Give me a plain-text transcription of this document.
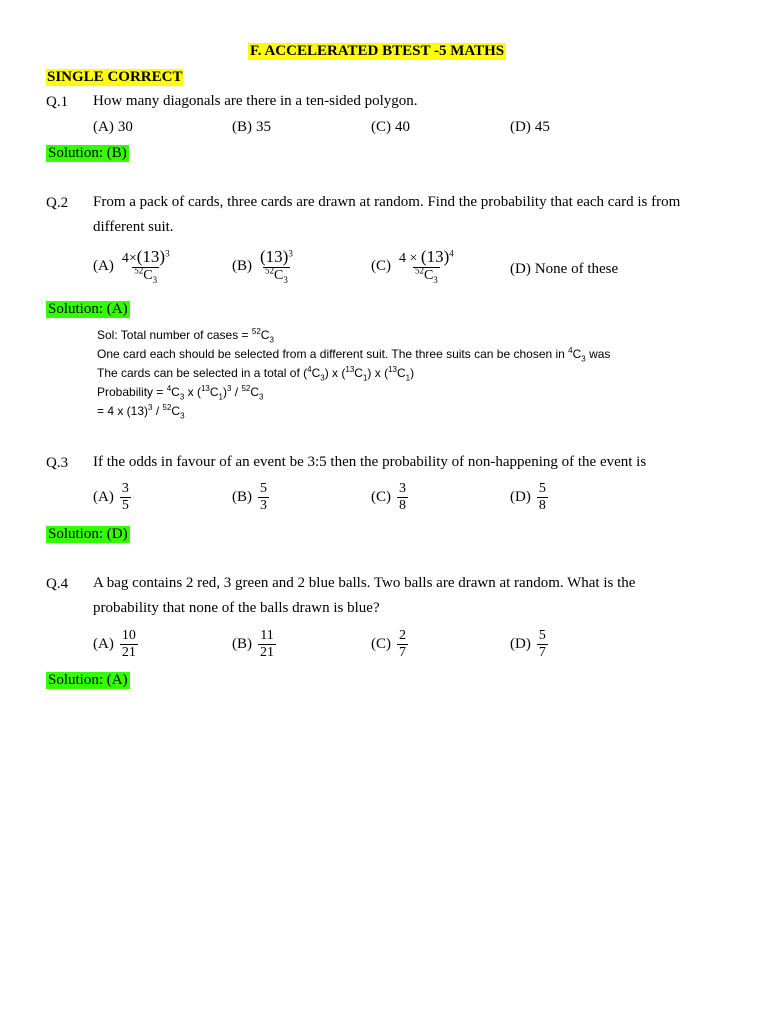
F. ACCELERATED BTEST -5 MATHS
SINGLE CORRECT
Q.1 How many diagonals are there in a ten-sided polygon.
(A) 30	(B) 35	(C) 40	(D) 45
Solution: (B)
Q.2 From a pack of cards, three cards are drawn at random. Find the probability that each card is from
different suit.
$(A) \frac{4\times(13)^3}{^{52}C_3}$	$(B) \frac{(13)^3}{^{52}C_3}$	$(C) \frac{4 \times (13)^4}{^{52}C_3}$	(D) None of these
Solution: (A)
Sol: Total number of cases = $^{52}C_3$
One card each should be selected from a different suit. The three suits can be chosen in $^4C_3$ was
The cards can be selected in a total of $(^4C_3)$ x $(^{13}C_1)$ x $(^{13}C_1)$
Probability = $^4C_3$ x $(^{13}C_1)^3 / ^{52}C_3$
= 4 x $(13)^3 / ^{52}C_3$
Q.3 If the odds in favour of an event be 3:5 then the probability of non-happening of the event is
$(A) \frac{3}{5}$	$(B) \frac{5}{3}$	$(C) \frac{3}{8}$	$(D) \frac{5}{8}$
Solution: (D)
Q.4 A bag contains 2 red, 3 green and 2 blue balls. Two balls are drawn at random. What is the
probability that none of the balls drawn is blue?
$(A) \frac{10}{21}$	$(B) \frac{11}{21}$	$(C) \frac{2}{7}$	$(D) \frac{5}{7}$
Solution: (A)
